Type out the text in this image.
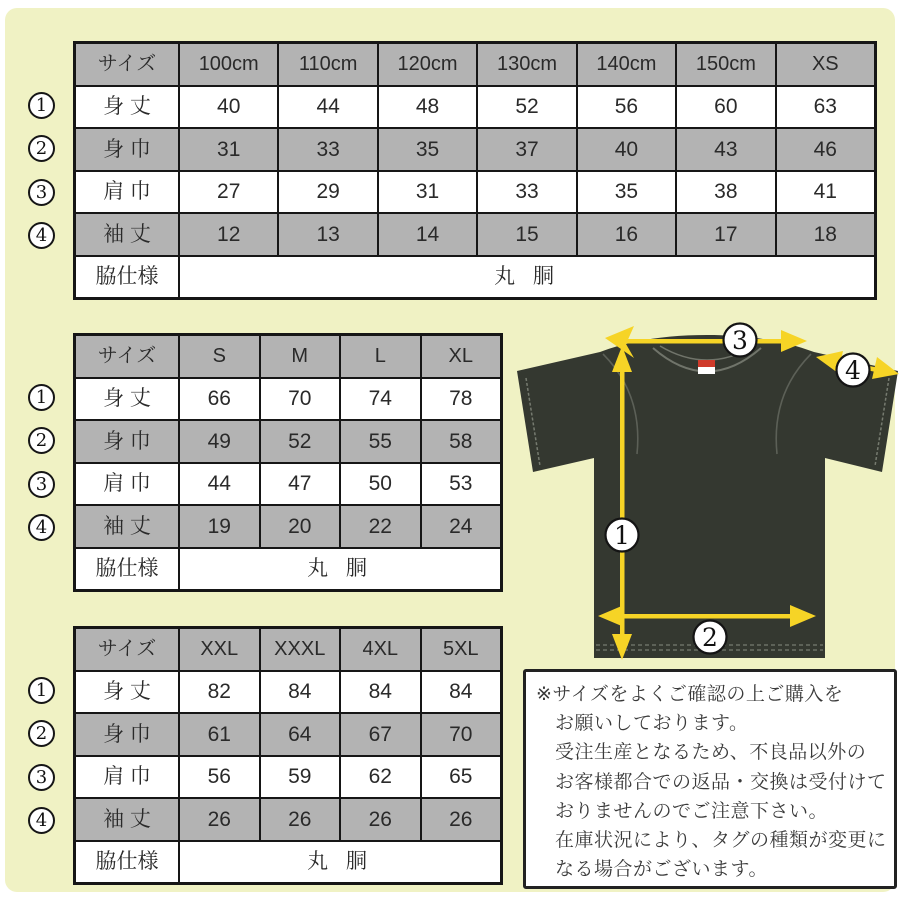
サイズ	100cm	110cm	120cm	130cm	140cm	150cm	XS
身 丈	40	44	48	52	56	60	63
身 巾	31	33	35	37	40	43	46
肩 巾	27	29	31	33	35	38	41
袖 丈	12	13	14	15	16	17	18
脇仕様	丸 胴
サイズ	S	M	L	XL
身 丈	66	70	74	78
身 巾	49	52	55	58
肩 巾	44	47	50	53
袖 丈	19	20	22	24
脇仕様	丸 胴
サイズ	XXL	XXXL	4XL	5XL
身 丈	82	84	84	84
身 巾	61	64	67	70
肩 巾	56	59	62	65
袖 丈	26	26	26	26
脇仕様	丸 胴
1
2
3
4
※サイズをよくご確認の上ご購入を
お願いしております。
受注生産となるため、不良品以外の
お客様都合での返品・交換は受付けて
おりませんのでご注意下さい。
在庫状況により、タグの種類が変更に
なる場合がございます。
1
2
3
4
1
2
3
4
1
2
3
4
